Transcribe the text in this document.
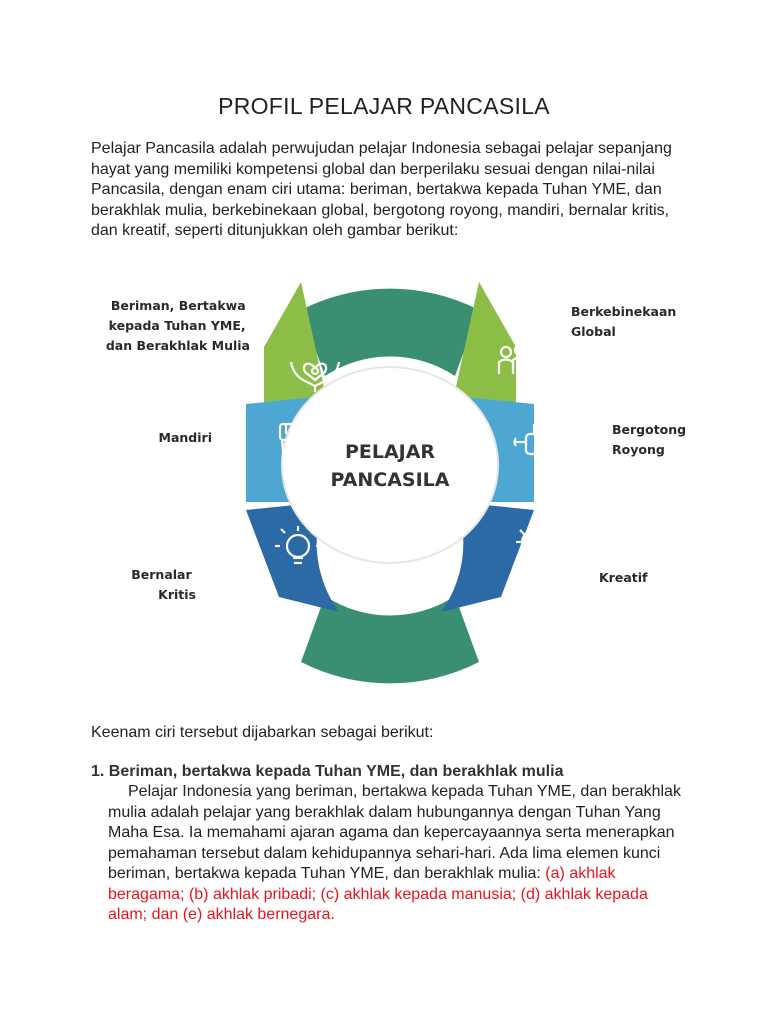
PROFIL PELAJAR PANCASILA
Pelajar Pancasila adalah perwujudan pelajar Indonesia sebagai pelajar sepanjang hayat yang memiliki kompetensi global dan berperilaku sesuai dengan nilai-nilai Pancasila, dengan enam ciri utama: beriman, bertakwa kepada Tuhan YME, dan berakhlak mulia, berkebinekaan global, bergotong royong, mandiri, bernalar kritis, dan kreatif, seperti ditunjukkan oleh gambar berikut:
PELAJAR
PANCASILA
Beriman, Bertakwa kepada Tuhan YME, dan Berakhlak Mulia
Berkebinekaan Global
Mandiri
Bergotong Royong
Bernalar Kritis
Kreatif
Keenam ciri tersebut dijabarkan sebagai berikut:
1. Beriman, bertakwa kepada Tuhan YME, dan berakhlak mulia
Pelajar Indonesia yang beriman, bertakwa kepada Tuhan YME, dan berakhlak mulia adalah pelajar yang berakhlak dalam hubungannya dengan Tuhan Yang Maha Esa. Ia memahami ajaran agama dan kepercayaannya serta menerapkan pemahaman tersebut dalam kehidupannya sehari-hari. Ada lima elemen kunci beriman, bertakwa kepada Tuhan YME, dan berakhlak mulia: (a) akhlak beragama; (b) akhlak pribadi; (c) akhlak kepada manusia; (d) akhlak kepada alam; dan (e) akhlak bernegara.
